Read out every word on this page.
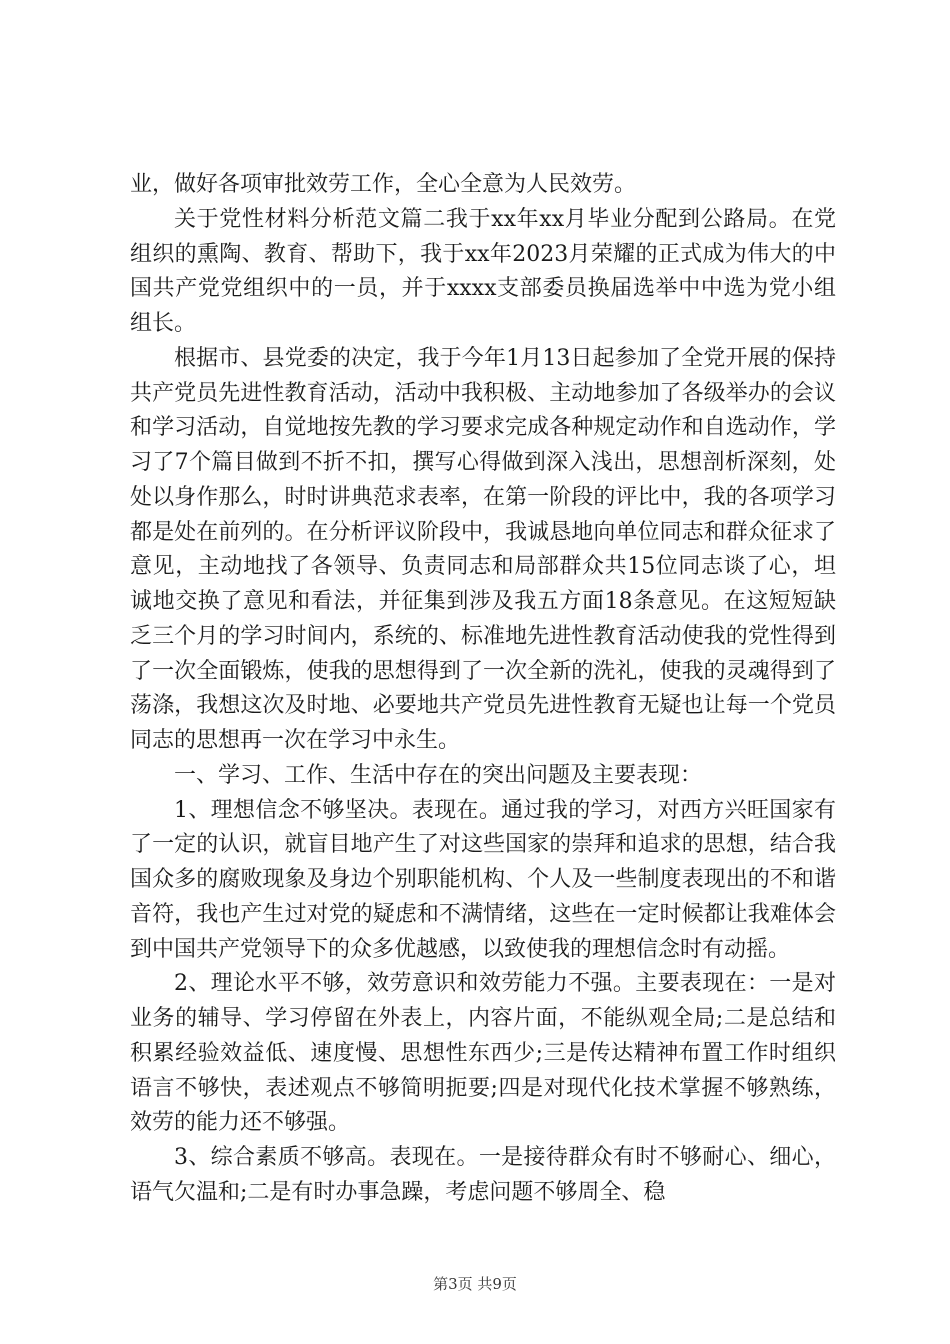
业，做好各项审批效劳工作，全心全意为人民效劳。

关于党性材料分析范文篇二我于xx年xx月毕业分配到公路局。在党组织的熏陶、教育、帮助下，我于xx年2023月荣耀的正式成为伟大的中国共产党党组织中的一员，并于xxxx支部委员换届选举中中选为党小组组长。

根据市、县党委的决定，我于今年1月13日起参加了全党开展的保持共产党员先进性教育活动，活动中我积极、主动地参加了各级举办的会议和学习活动，自觉地按先教的学习要求完成各种规定动作和自选动作，学习了7个篇目做到不折不扣，撰写心得做到深入浅出，思想剖析深刻，处处以身作那么，时时讲典范求表率，在第一阶段的评比中，我的各项学习都是处在前列的。在分析评议阶段中，我诚恳地向单位同志和群众征求了意见，主动地找了各领导、负责同志和局部群众共15位同志谈了心，坦诚地交换了意见和看法，并征集到涉及我五方面18条意见。在这短短缺乏三个月的学习时间内，系统的、标准地先进性教育活动使我的党性得到了一次全面锻炼，使我的思想得到了一次全新的洗礼，使我的灵魂得到了荡涤，我想这次及时地、必要地共产党员先进性教育无疑也让每一个党员同志的思想再一次在学习中永生。

一、学习、工作、生活中存在的突出问题及主要表现：

1、理想信念不够坚决。表现在。通过我的学习，对西方兴旺国家有了一定的认识，就盲目地产生了对这些国家的崇拜和追求的思想，结合我国众多的腐败现象及身边个别职能机构、个人及一些制度表现出的不和谐音符，我也产生过对党的疑虑和不满情绪，这些在一定时候都让我难体会到中国共产党领导下的众多优越感，以致使我的理想信念时有动摇。

2、理论水平不够，效劳意识和效劳能力不强。主要表现在：一是对业务的辅导、学习停留在外表上，内容片面，不能纵观全局;二是总结和积累经验效益低、速度慢、思想性东西少;三是传达精神布置工作时组织语言不够快，表述观点不够简明扼要;四是对现代化技术掌握不够熟练，效劳的能力还不够强。

3、综合素质不够高。表现在。一是接待群众有时不够耐心、细心，语气欠温和;二是有时办事急躁，考虑问题不够周全、稳

第3页 共9页
